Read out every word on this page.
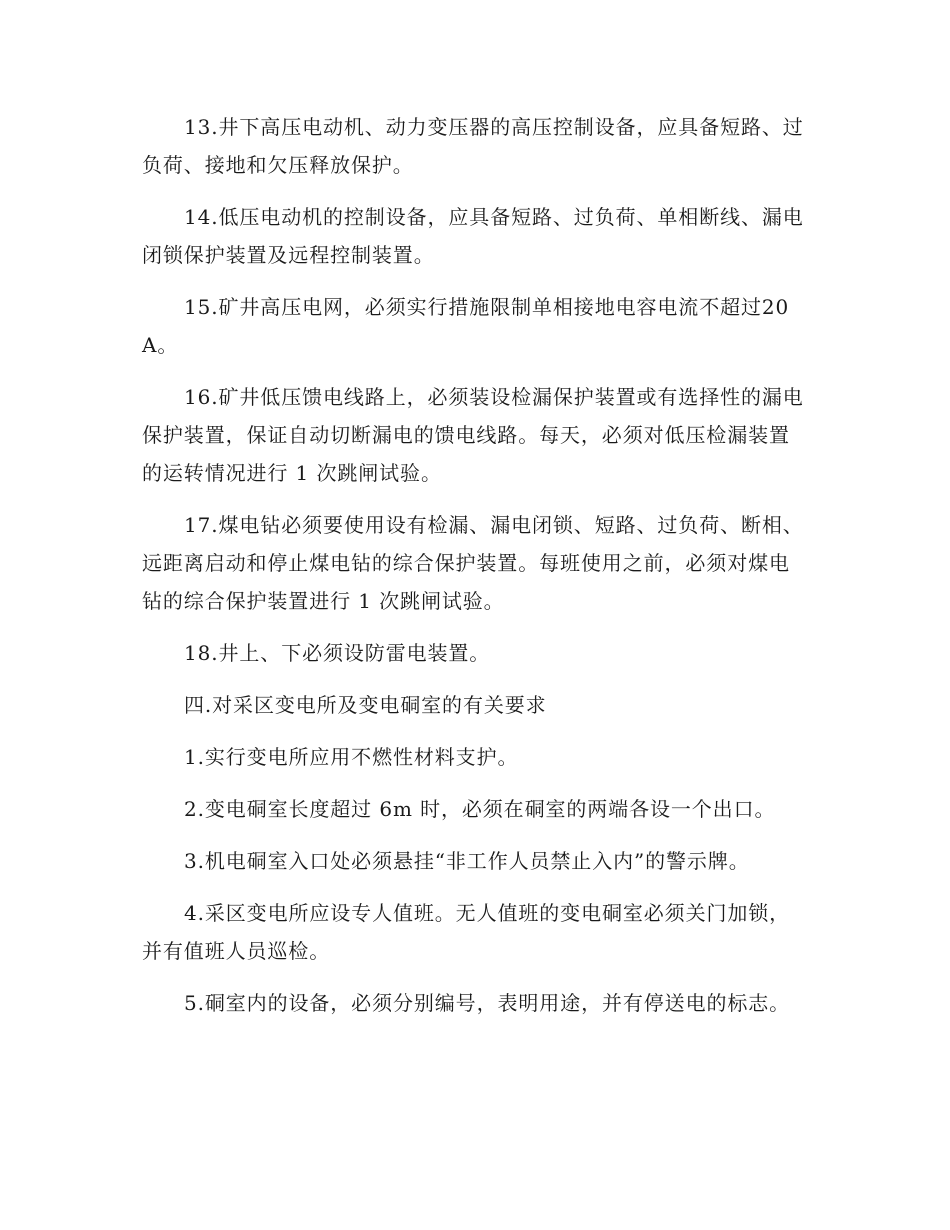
13.井下高压电动机、动力变压器的高压控制设备，应具备短路、过负荷、接地和欠压释放保护。

14.低压电动机的控制设备，应具备短路、过负荷、单相断线、漏电闭锁保护装置及远程控制装置。

15.矿井高压电网，必须实行措施限制单相接地电容电流不超过20A。

16.矿井低压馈电线路上，必须装设检漏保护装置或有选择性的漏电保护装置，保证自动切断漏电的馈电线路。每天，必须对低压检漏装置的运转情况进行 1 次跳闸试验。

17.煤电钻必须要使用设有检漏、漏电闭锁、短路、过负荷、断相、远距离启动和停止煤电钻的综合保护装置。每班使用之前，必须对煤电钻的综合保护装置进行 1 次跳闸试验。

18.井上、下必须设防雷电装置。

四.对采区变电所及变电硐室的有关要求

1.实行变电所应用不燃性材料支护。

2.变电硐室长度超过 6m 时，必须在硐室的两端各设一个出口。

3.机电硐室入口处必须悬挂“非工作人员禁止入内”的警示牌。

4.采区变电所应设专人值班。无人值班的变电硐室必须关门加锁，并有值班人员巡检。

5.硐室内的设备，必须分别编号，表明用途，并有停送电的标志。
